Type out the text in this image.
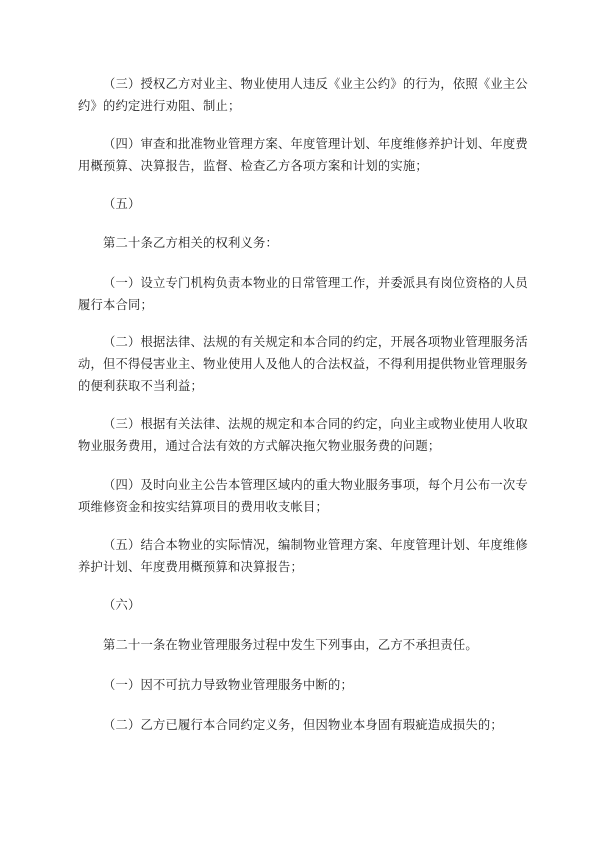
（三）授权乙方对业主、物业使用人违反《业主公约》的行为，依照《业主公约》的约定进行劝阻、制止；

（四）审查和批准物业管理方案、年度管理计划、年度维修养护计划、年度费用概预算、决算报告，监督、检查乙方各项方案和计划的实施；

（五）

第二十条乙方相关的权利义务：

（一）设立专门机构负责本物业的日常管理工作，并委派具有岗位资格的人员履行本合同；

（二）根据法律、法规的有关规定和本合同的约定，开展各项物业管理服务活动，但不得侵害业主、物业使用人及他人的合法权益，不得利用提供物业管理服务的便利获取不当利益；

（三）根据有关法律、法规的规定和本合同的约定，向业主或物业使用人收取物业服务费用，通过合法有效的方式解决拖欠物业服务费的问题；

（四）及时向业主公告本管理区域内的重大物业服务事项，每个月公布一次专项维修资金和按实结算项目的费用收支帐目；

（五）结合本物业的实际情况，编制物业管理方案、年度管理计划、年度维修养护计划、年度费用概预算和决算报告；

（六）

第二十一条在物业管理服务过程中发生下列事由，乙方不承担责任。

（一）因不可抗力导致物业管理服务中断的；

（二）乙方已履行本合同约定义务，但因物业本身固有瑕疵造成损失的；
